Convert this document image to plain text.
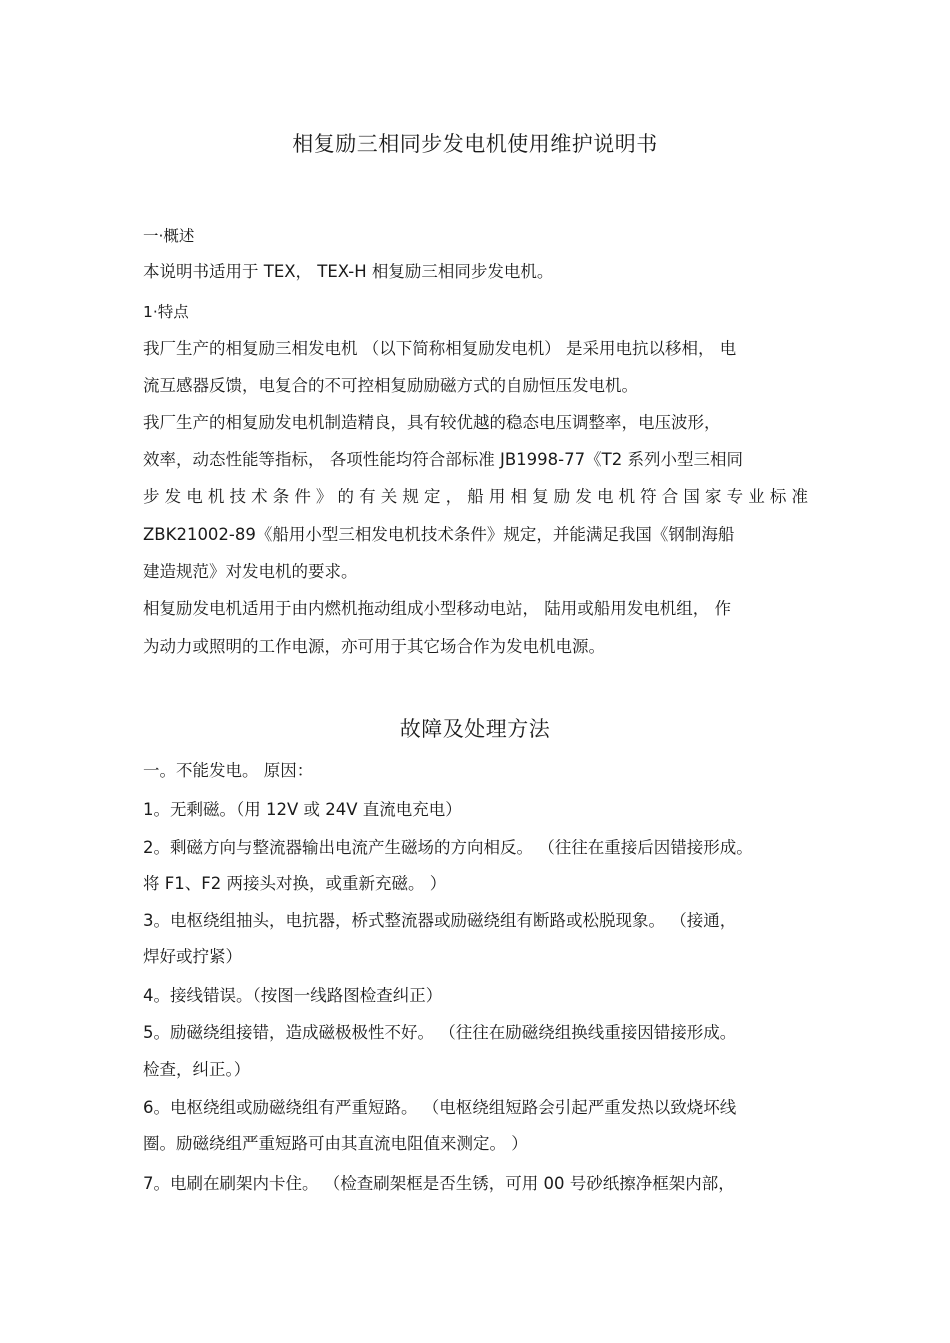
相复励三相同步发电机使用维护说明书
一·概述
本说明书适用于 TEX， TEX-H 相复励三相同步发电机。
1·特点
我厂生产的相复励三相发电机 （以下简称相复励发电机） 是采用电抗以移相， 电
流互感器反馈，电复合的不可控相复励励磁方式的自励恒压发电机。
我厂生产的相复励发电机制造精良，具有较优越的稳态电压调整率，电压波形，
效率，动态性能等指标， 各项性能均符合部标准 JB1998-77《T2 系列小型三相同
步发电机技术条件》的有关规定，船用相复励发电机符合国家专业标准
ZBK21002-89《船用小型三相发电机技术条件》规定，并能满足我国《钢制海船
建造规范》对发电机的要求。
相复励发电机适用于由内燃机拖动组成小型移动电站， 陆用或船用发电机组， 作
为动力或照明的工作电源，亦可用于其它场合作为发电机电源。
故障及处理方法
一。不能发电。 原因：
1。无剩磁。（用 12V 或 24V 直流电充电）
2。剩磁方向与整流器输出电流产生磁场的方向相反。 （往往在重接后因错接形成。
将 F1、F2 两接头对换，或重新充磁。 ）
3。电枢绕组抽头，电抗器，桥式整流器或励磁绕组有断路或松脱现象。 （接通，
焊好或拧紧）
4。接线错误。（按图一线路图检查纠正）
5。励磁绕组接错，造成磁极极性不好。 （往往在励磁绕组换线重接因错接形成。
检查，纠正。）
6。电枢绕组或励磁绕组有严重短路。 （电枢绕组短路会引起严重发热以致烧坏线
圈。励磁绕组严重短路可由其直流电阻值来测定。 ）
7。电刷在刷架内卡住。 （检查刷架框是否生锈，可用 00 号砂纸擦净框架内部，
